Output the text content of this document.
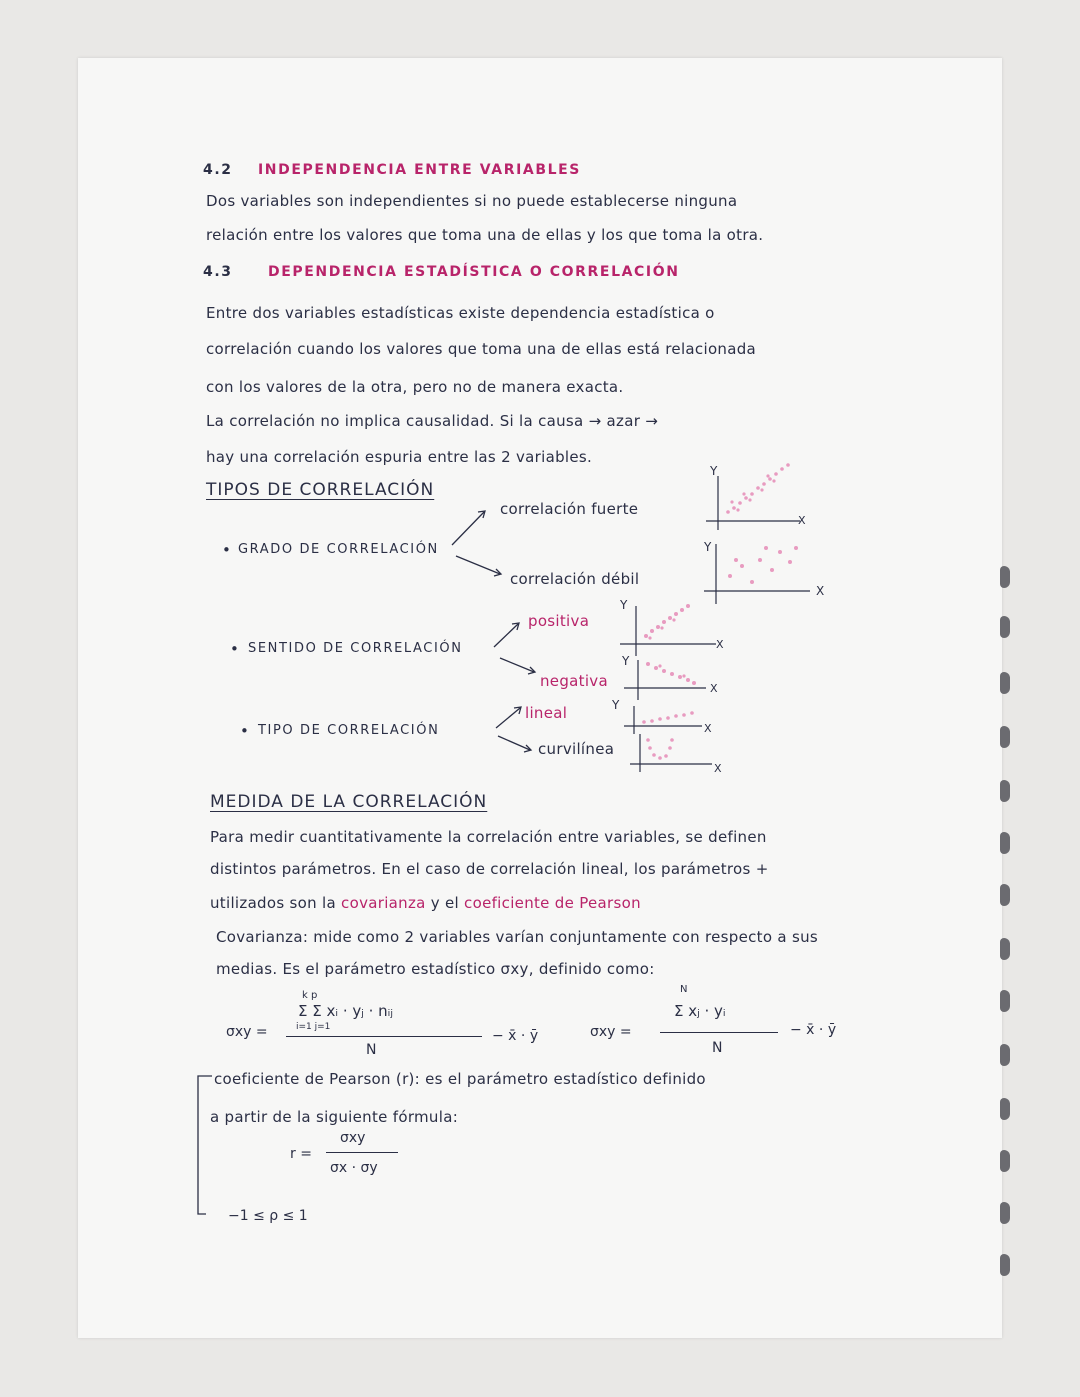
4.2 INDEPENDENCIA ENTRE VARIABLES
Dos variables son independientes si no puede establecerse ninguna
relación entre los valores que toma una de ellas y los que toma la otra.
4.3	DEPENDENCIA ESTADÍSTICA O CORRELACIÓN
Entre dos variables estadísticas existe dependencia estadística o
correlación cuando los valores que toma una de ellas está relacionada
con los valores de la otra, pero no de manera exacta.
La correlación no implica causalidad. Si la causa → azar →
hay una correlación espuria entre las 2 variables.
TIPOS DE CORRELACIÓN
correlación fuerte
• GRADO DE CORRELACIÓN
correlación débil
positiva
• SENTIDO DE CORRELACIÓN
negativa
lineal
• TIPO DE CORRELACIÓN
curvilínea
Y
X
Y
X
Y
X
Y
X
Y
X
X
MEDIDA DE LA CORRELACIÓN
Para medir cuantitativamente la correlación entre variables, se definen
distintos parámetros. En el caso de correlación lineal, los parámetros +
utilizados son la covarianza y el coeficiente de Pearson
Covarianza: mide como 2 variables varían conjuntamente con respecto a sus
medias. Es el parámetro estadístico σxy, definido como:
σxy =
k p
Σ Σ xᵢ · yⱼ · nᵢⱼ
i=1 j=1
N
− x̄ · ȳ	σxy =
N
Σ xⱼ · yᵢ
N
− x̄ · ȳ
coeficiente de Pearson (r): es el parámetro estadístico definido
a partir de la siguiente fórmula:
r =
σxy
σx · σy
−1 ≤ ρ ≤ 1
